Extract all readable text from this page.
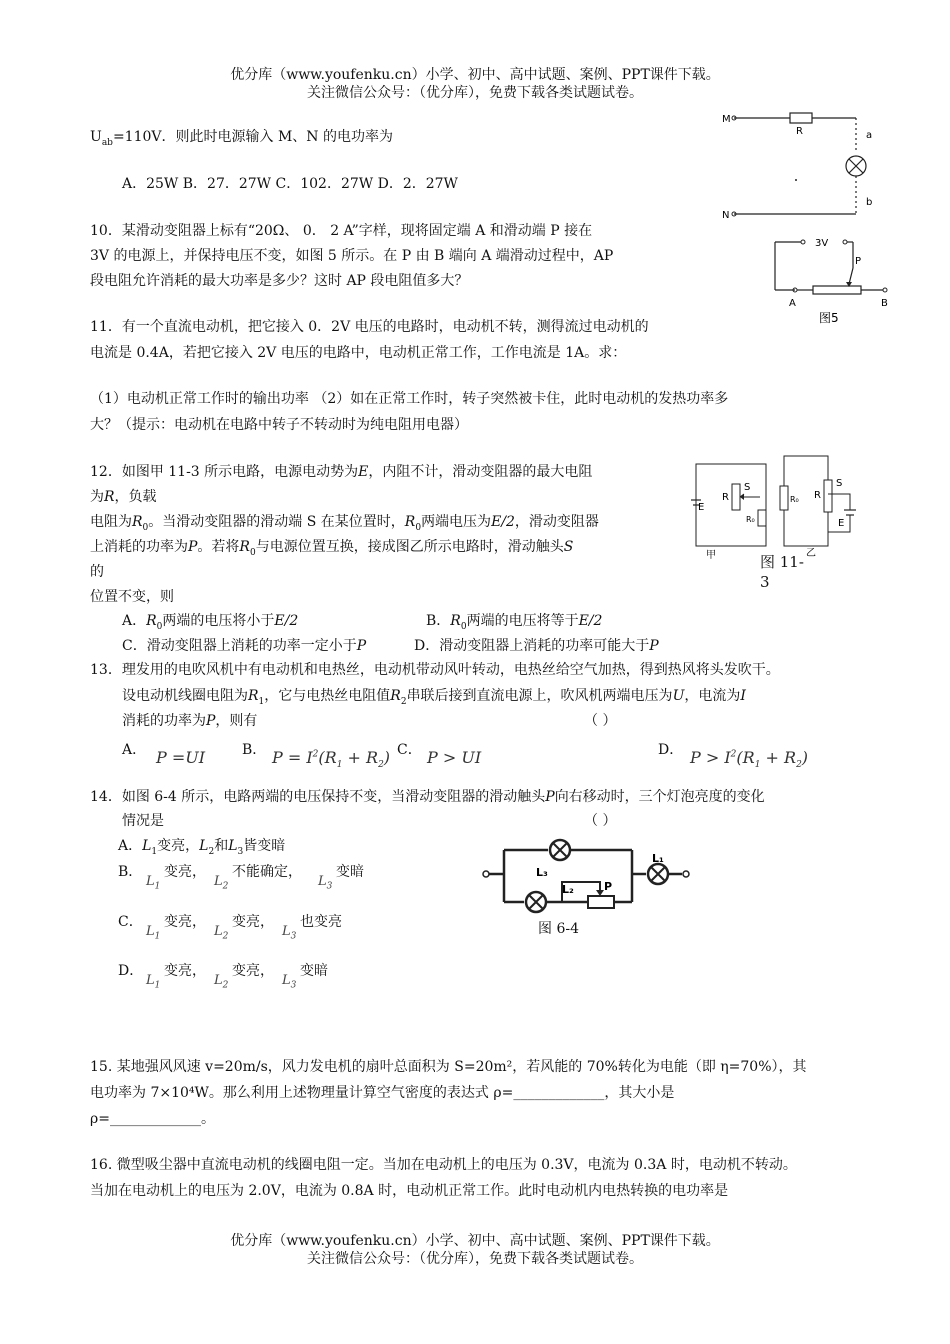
优分库（www.youfenku.cn）小学、初中、高中试题、案例、PPT课件下载。
关注微信公众号：（优分库），免费下载各类试题试卷。
$U_{ab}=110V$．则此时电源输入 M、N 的电功率为
A．25W B．27．27W C．102．27W D．2．27W
M
N
R	a
b
3V
P
A	B
图5
10．某滑动变阻器上标有“20Ω、 0． 2 A”字样，现将固定端 A 和滑动端 P 接在
3V 的电源上，并保持电压不变，如图 5 所示。在 P 由 B 端向 A 端滑动过程中，AP
段电阻允许消耗的最大功率是多少？这时 AP 段电阻值多大？
11．有一个直流电动机，把它接入 0．2V 电压的电路时，电动机不转，测得流过电动机的
电流是 0.4A，若把它接入 2V 电压的电路中，电动机正常工作，工作电流是 1A。求：
（1）电动机正常工作时的输出功率 （2）如在正常工作时，转子突然被卡住，此时电动机的发热功率多
大？（提示：电动机在电路中转子不转动时为纯电阻用电器）
12．如图甲 11-3 所示电路，电源电动势为E，内阻不计，滑动变阻器的最大电阻
为R，负载
电阻为$R_0$。当滑动变阻器的滑动端 S 在某位置时，$R_0$两端电压为E/2，滑动变阻器
上消耗的功率为P。若将$R_0$与电源位置互换，接成图乙所示电路时，滑动触头S
的
位置不变，则
A．$R_0$两端的电压将小于E/2	B．$R_0$两端的电压将等于E/2
C．滑动变阻器上消耗的功率一定小于P	D．滑动变阻器上消耗的功率可能大于P
E
R
S
R₀
甲
R₀ R
S
E
乙
图 11-3
13．理发用的电吹风机中有电动机和电热丝，电动机带动风叶转动，电热丝给空气加热，得到热风将头发吹干。
设电动机线圈电阻为$R_1$，它与电热丝电阻值$R_2$串联后接到直流电源上，吹风机两端电压为U，电流为I
消耗的功率为P，则有	（ ）
A． P =UI	B． $P = I^2(R_1 + R_2)$ C． P > UI	D． $P > I^2(R_1 + R_2)$
14．如图 6-4 所示，电路两端的电压保持不变，当滑动变阻器的滑动触头P向右移动时，三个灯泡亮度的变化
情况是	（ ）
A．$L_1$变亮，$L_2$和$L_3$皆变暗
B．
$L_1$
变亮，
$L_2$
不能确定，
$L_3$
变暗
C．
$L_1$
变亮，
$L_2$
变亮，
$L_3$
也变亮
D．
$L_1$
变亮，
$L_2$
变亮，
$L_3$
变暗
L₃
L₂	P
L₁
图 6-4
15. 某地强风风速 v=20m/s，风力发电机的扇叶总面积为 S=20m²，若风能的 70%转化为电能（即 η=70%），其
电功率为 7×10⁴W。那么利用上述物理量计算空气密度的表达式 ρ=_____________，其大小是
ρ=_____________。
16. 微型吸尘器中直流电动机的线圈电阻一定。当加在电动机上的电压为 0.3V，电流为 0.3A 时，电动机不转动。
当加在电动机上的电压为 2.0V，电流为 0.8A 时，电动机正常工作。此时电动机内电热转换的电功率是
优分库（www.youfenku.cn）小学、初中、高中试题、案例、PPT课件下载。
关注微信公众号：（优分库），免费下载各类试题试卷。
